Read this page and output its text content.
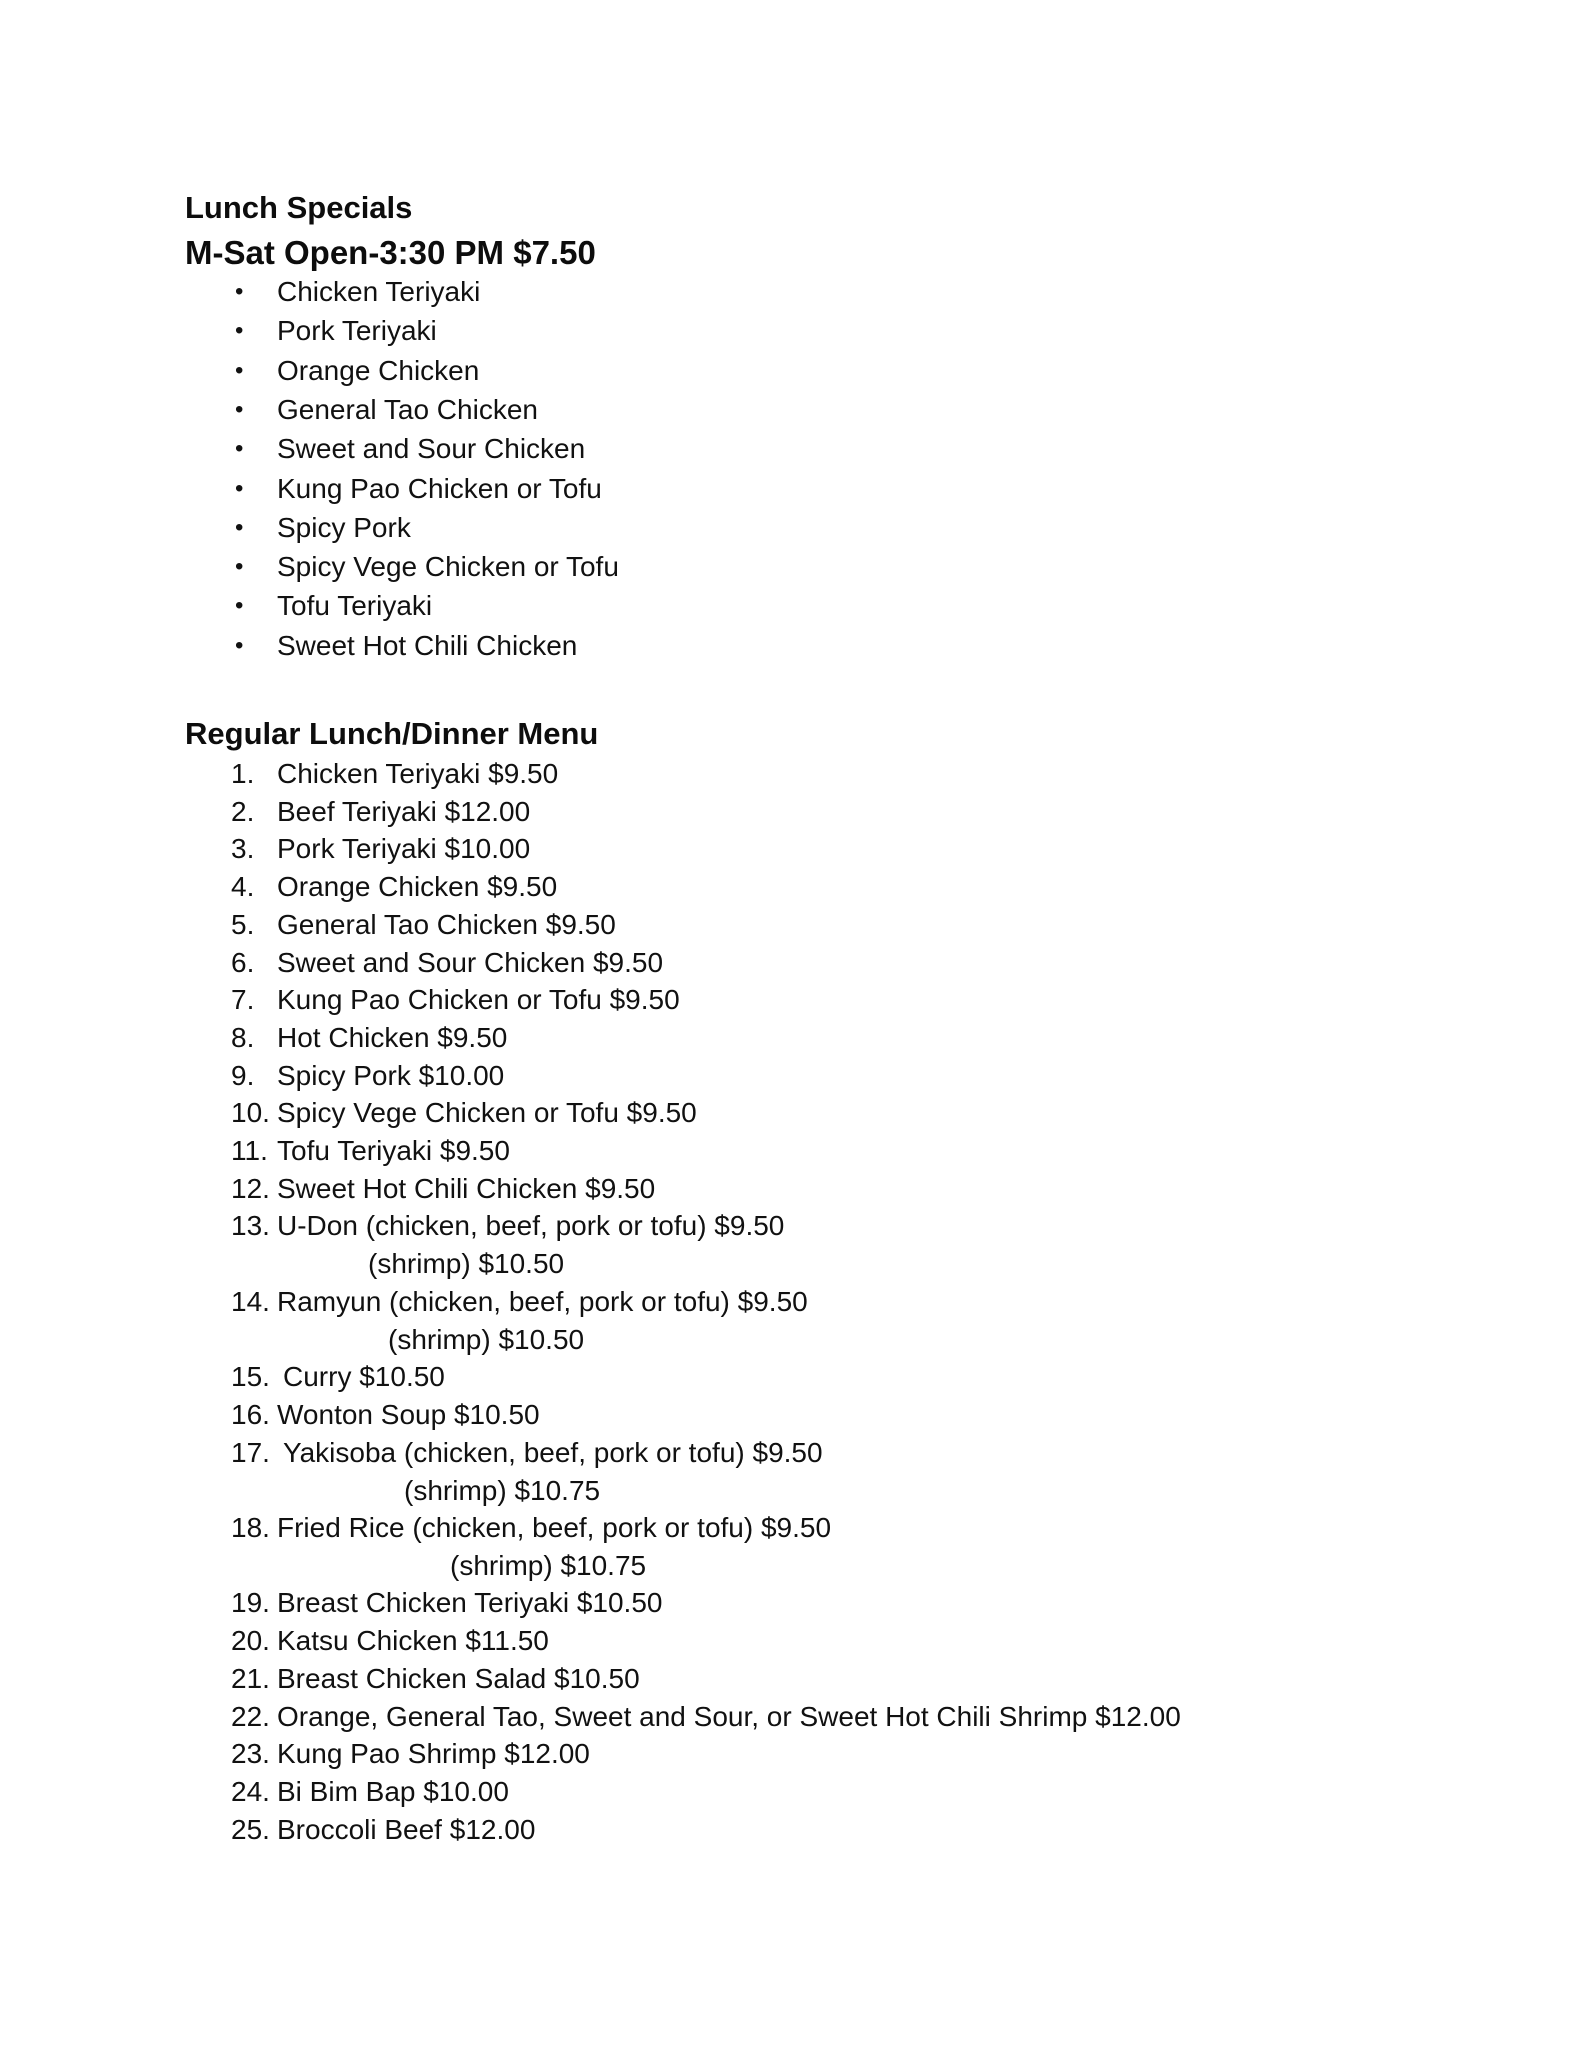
Lunch Specials
M-Sat Open-3:30 PM $7.50
• Chicken Teriyaki
• Pork Teriyaki
• Orange Chicken
• General Tao Chicken
• Sweet and Sour Chicken
• Kung Pao Chicken or Tofu
• Spicy Pork
• Spicy Vege Chicken or Tofu
• Tofu Teriyaki
• Sweet Hot Chili Chicken
Regular Lunch/Dinner Menu
1. Chicken Teriyaki $9.50
2. Beef Teriyaki $12.00
3. Pork Teriyaki $10.00
4. Orange Chicken $9.50
5. General Tao Chicken $9.50
6. Sweet and Sour Chicken $9.50
7. Kung Pao Chicken or Tofu $9.50
8. Hot Chicken $9.50
9. Spicy Pork $10.00
10. Spicy Vege Chicken or Tofu $9.50
11. Tofu Teriyaki $9.50
12. Sweet Hot Chili Chicken $9.50
13. U-Don (chicken, beef, pork or tofu) $9.50
(shrimp) $10.50
14. Ramyun (chicken, beef, pork or tofu) $9.50
(shrimp) $10.50
15. Curry $10.50
16. Wonton Soup $10.50
17. Yakisoba (chicken, beef, pork or tofu) $9.50
(shrimp) $10.75
18. Fried Rice (chicken, beef, pork or tofu) $9.50
(shrimp) $10.75
19. Breast Chicken Teriyaki $10.50
20. Katsu Chicken $11.50
21. Breast Chicken Salad $10.50
22. Orange, General Tao, Sweet and Sour, or Sweet Hot Chili Shrimp $12.00
23. Kung Pao Shrimp $12.00
24. Bi Bim Bap $10.00
25. Broccoli Beef $12.00
